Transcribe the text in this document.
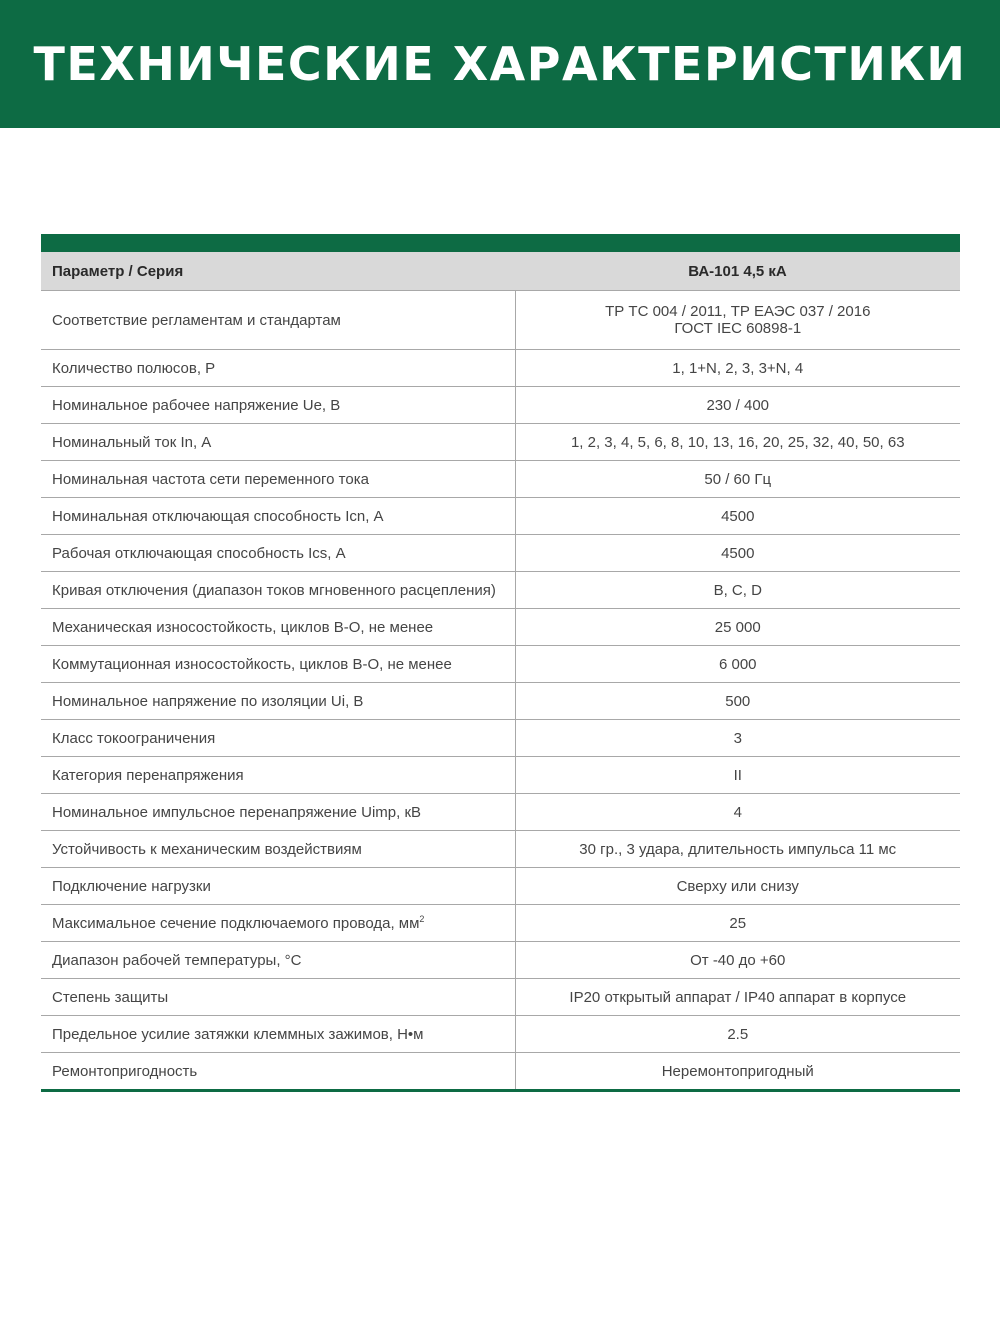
ТЕХНИЧЕСКИЕ ХАРАКТЕРИСТИКИ

Параметр / Серия	ВА-101 4,5 кА
Соответствие регламентам и стандартам	ТР ТС 004 / 2011, ТР ЕАЭС 037 / 2016
ГОСТ IEC 60898-1

Количество полюсов, Р	1, 1+N, 2, 3, 3+N, 4

Номинальное рабочее напряжение Ue, В	230 / 400

Номинальный ток In, А	1, 2, 3, 4, 5, 6, 8, 10, 13, 16, 20, 25, 32, 40, 50, 63

Номинальная частота сети переменного тока	50 / 60 Гц

Номинальная отключающая способность Icn, А	4500

Рабочая отключающая способность Ics, А	4500

Кривая отключения (диапазон токов мгновенного расцепления)	B, C, D

Механическая износостойкость, циклов В-О, не менее	25 000

Коммутационная износостойкость, циклов В-О, не менее	6 000

Номинальное напряжение по изоляции Ui, В	500

Класс токоограничения	3

Категория перенапряжения	II

Номинальное импульсное перенапряжение Uimp, кВ	4

Устойчивость к механическим воздействиям	30 гр., 3 удара, длительность импульса 11 мс

Подключение нагрузки	Сверху или снизу

Максимальное сечение подключаемого провода, $мм^2$	25

Диапазон рабочей температуры, °С	От -40 до +60

Степень защиты	IP20 открытый аппарат / IP40 аппарат в корпусе

Предельное усилие затяжки клеммных зажимов, Н•м	2.5

Ремонтопригодность	Неремонтопригодный
